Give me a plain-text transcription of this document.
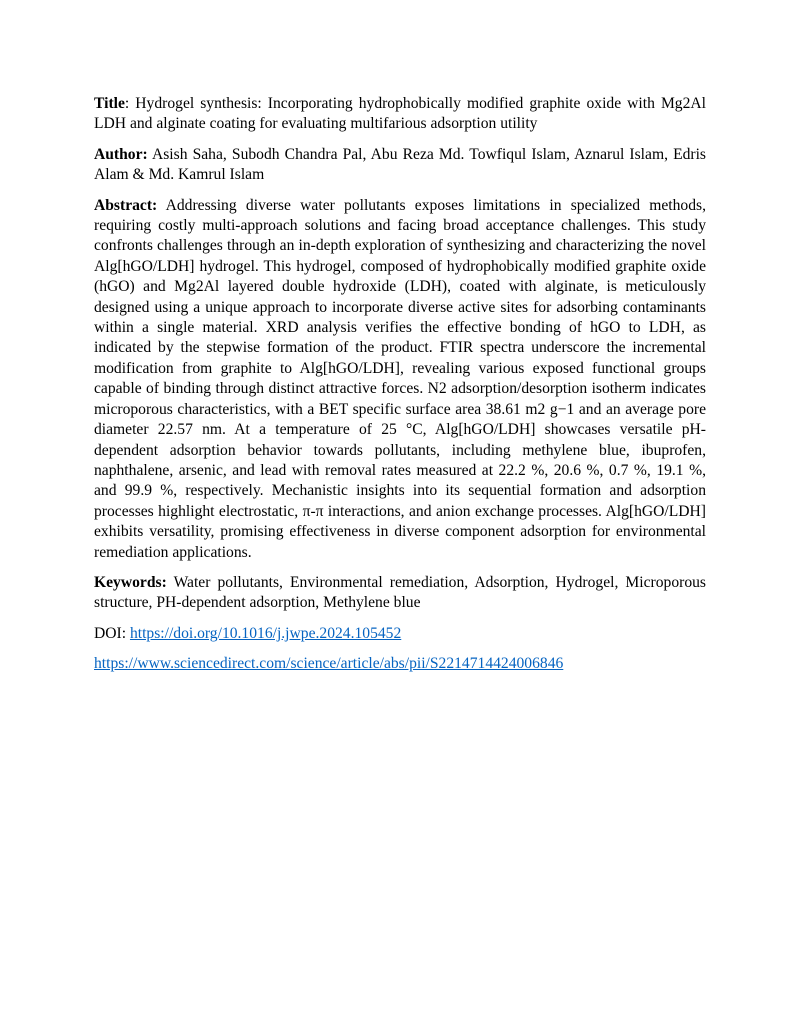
Title: Hydrogel synthesis: Incorporating hydrophobically modified graphite oxide with Mg2Al LDH and alginate coating for evaluating multifarious adsorption utility

Author: Asish Saha, Subodh Chandra Pal, Abu Reza Md. Towfiqul Islam, Aznarul Islam, Edris Alam & Md. Kamrul Islam

Abstract: Addressing diverse water pollutants exposes limitations in specialized methods, requiring costly multi-approach solutions and facing broad acceptance challenges. This study confronts challenges through an in-depth exploration of synthesizing and characterizing the novel Alg[hGO/LDH] hydrogel. This hydrogel, composed of hydrophobically modified graphite oxide (hGO) and Mg2Al layered double hydroxide (LDH), coated with alginate, is meticulously designed using a unique approach to incorporate diverse active sites for adsorbing contaminants within a single material. XRD analysis verifies the effective bonding of hGO to LDH, as indicated by the stepwise formation of the product. FTIR spectra underscore the incremental modification from graphite to Alg[hGO/LDH], revealing various exposed functional groups capable of binding through distinct attractive forces. N2 adsorption/desorption isotherm indicates microporous characteristics, with a BET specific surface area 38.61 m2 g−1 and an average pore diameter 22.57 nm. At a temperature of 25 °C, Alg[hGO/LDH] showcases versatile pH-dependent adsorption behavior towards pollutants, including methylene blue, ibuprofen, naphthalene, arsenic, and lead with removal rates measured at 22.2 %, 20.6 %, 0.7 %, 19.1 %, and 99.9 %, respectively. Mechanistic insights into its sequential formation and adsorption processes highlight electrostatic, π-π interactions, and anion exchange processes. Alg[hGO/LDH] exhibits versatility, promising effectiveness in diverse component adsorption for environmental remediation applications.

Keywords: Water pollutants, Environmental remediation, Adsorption, Hydrogel, Microporous structure, PH-dependent adsorption, Methylene blue

DOI: https://doi.org/10.1016/j.jwpe.2024.105452

https://www.sciencedirect.com/science/article/abs/pii/S2214714424006846
